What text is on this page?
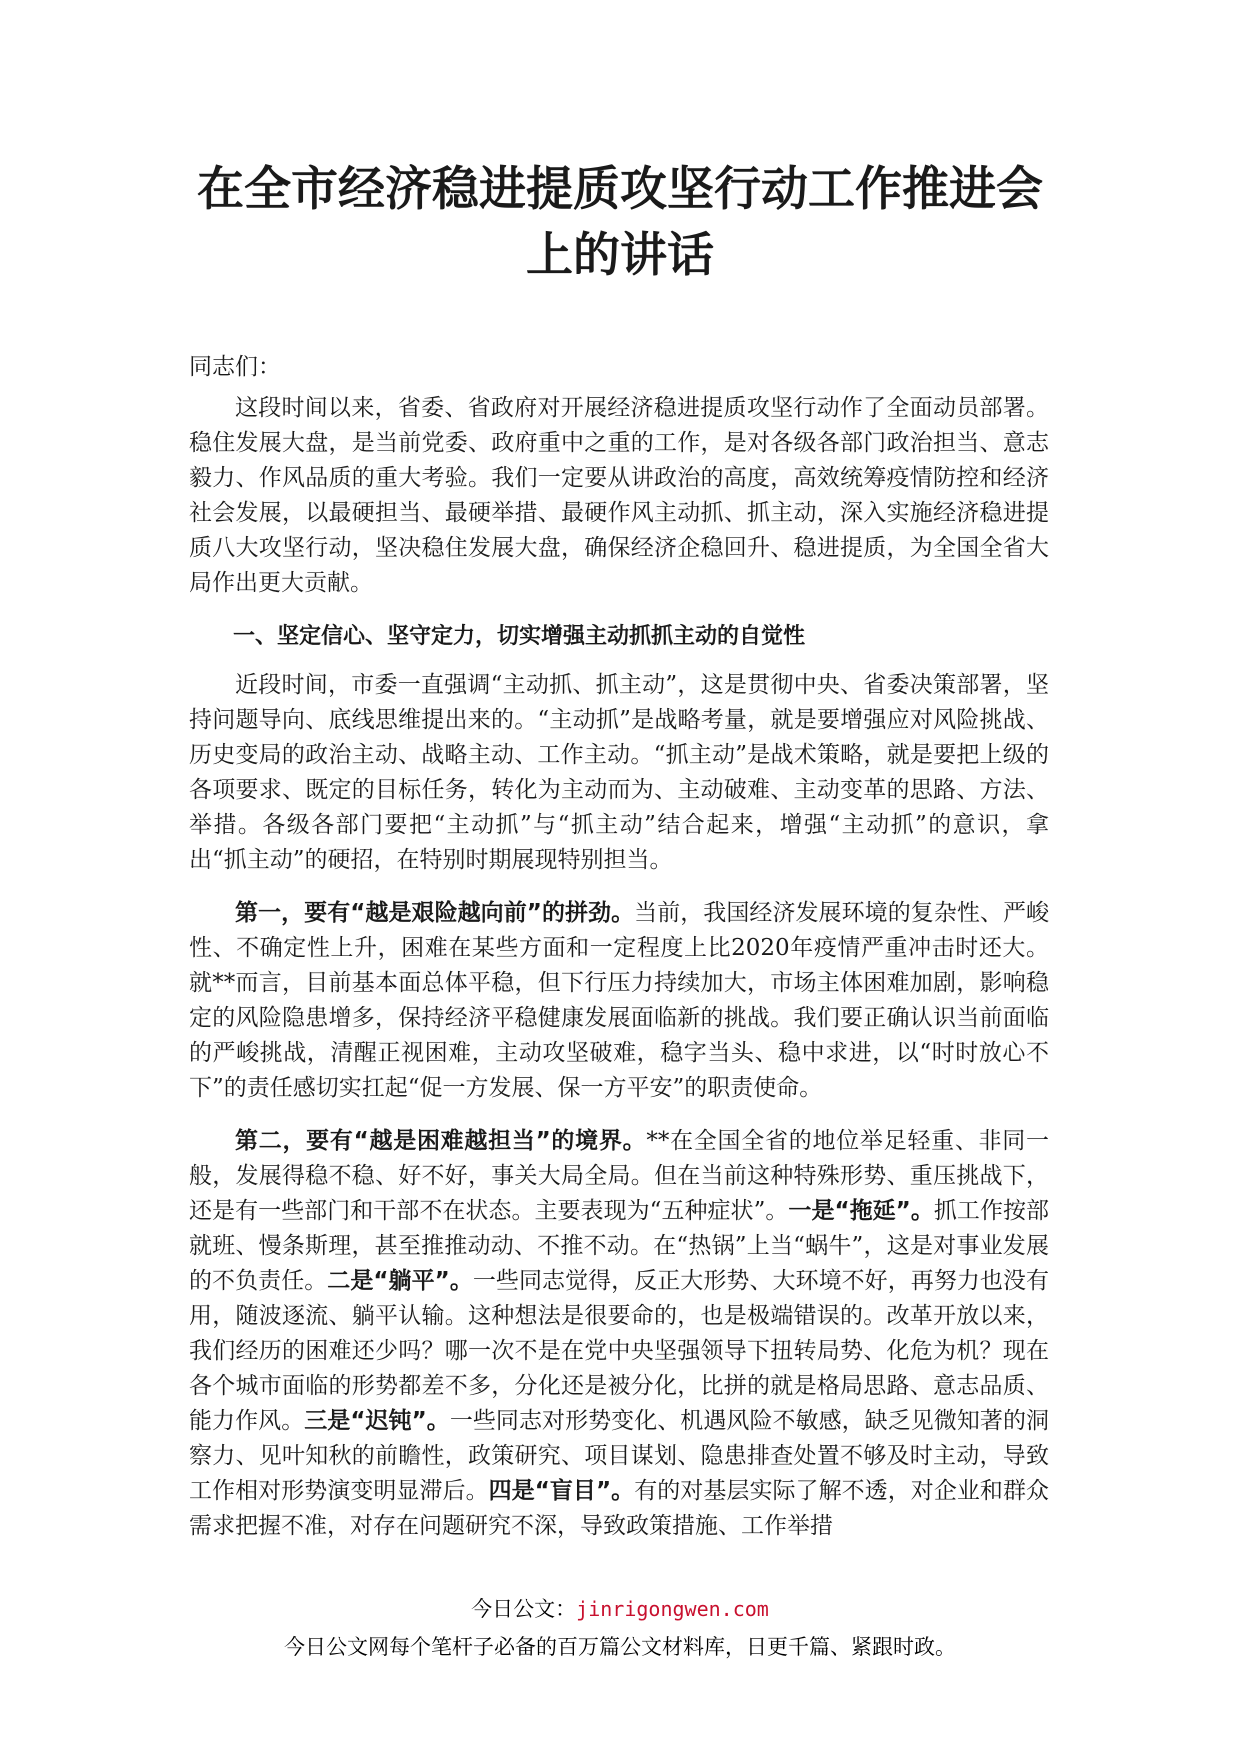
在全市经济稳进提质攻坚行动工作推进会
上的讲话

同志们：

这段时间以来，省委、省政府对开展经济稳进提质攻坚行动作了全面动员部署。稳住发展大盘，是当前党委、政府重中之重的工作，是对各级各部门政治担当、意志毅力、作风品质的重大考验。我们一定要从讲政治的高度，高效统筹疫情防控和经济社会发展，以最硬担当、最硬举措、最硬作风主动抓、抓主动，深入实施经济稳进提质八大攻坚行动，坚决稳住发展大盘，确保经济企稳回升、稳进提质，为全国全省大局作出更大贡献。

一、坚定信心、坚守定力，切实增强主动抓抓主动的自觉性

近段时间，市委一直强调“主动抓、抓主动”，这是贯彻中央、省委决策部署，坚持问题导向、底线思维提出来的。“主动抓”是战略考量，就是要增强应对风险挑战、历史变局的政治主动、战略主动、工作主动。“抓主动”是战术策略，就是要把上级的各项要求、既定的目标任务，转化为主动而为、主动破难、主动变革的思路、方法、举措。各级各部门要把“主动抓”与“抓主动”结合起来，增强“主动抓”的意识，拿出“抓主动”的硬招，在特别时期展现特别担当。

第一，要有“越是艰险越向前”的拼劲。当前，我国经济发展环境的复杂性、严峻性、不确定性上升，困难在某些方面和一定程度上比2020年疫情严重冲击时还大。就**而言，目前基本面总体平稳，但下行压力持续加大，市场主体困难加剧，影响稳定的风险隐患增多，保持经济平稳健康发展面临新的挑战。我们要正确认识当前面临的严峻挑战，清醒正视困难，主动攻坚破难，稳字当头、稳中求进，以“时时放心不下”的责任感切实扛起“促一方发展、保一方平安”的职责使命。

第二，要有“越是困难越担当”的境界。**在全国全省的地位举足轻重、非同一般，发展得稳不稳、好不好，事关大局全局。但在当前这种特殊形势、重压挑战下，还是有一些部门和干部不在状态。主要表现为“五种症状”。一是“拖延”。抓工作按部就班、慢条斯理，甚至推推动动、不推不动。在“热锅”上当“蜗牛”，这是对事业发展的不负责任。二是“躺平”。一些同志觉得，反正大形势、大环境不好，再努力也没有用，随波逐流、躺平认输。这种想法是很要命的，也是极端错误的。改革开放以来，我们经历的困难还少吗？哪一次不是在党中央坚强领导下扭转局势、化危为机？现在各个城市面临的形势都差不多，分化还是被分化，比拼的就是格局思路、意志品质、能力作风。三是“迟钝”。一些同志对形势变化、机遇风险不敏感，缺乏见微知著的洞察力、见叶知秋的前瞻性，政策研究、项目谋划、隐患排查处置不够及时主动，导致工作相对形势演变明显滞后。四是“盲目”。有的对基层实际了解不透，对企业和群众需求把握不准，对存在问题研究不深，导致政策措施、工作举措

今日公文：jinrigongwen.com
今日公文网每个笔杆子必备的百万篇公文材料库，日更千篇、紧跟时政。
